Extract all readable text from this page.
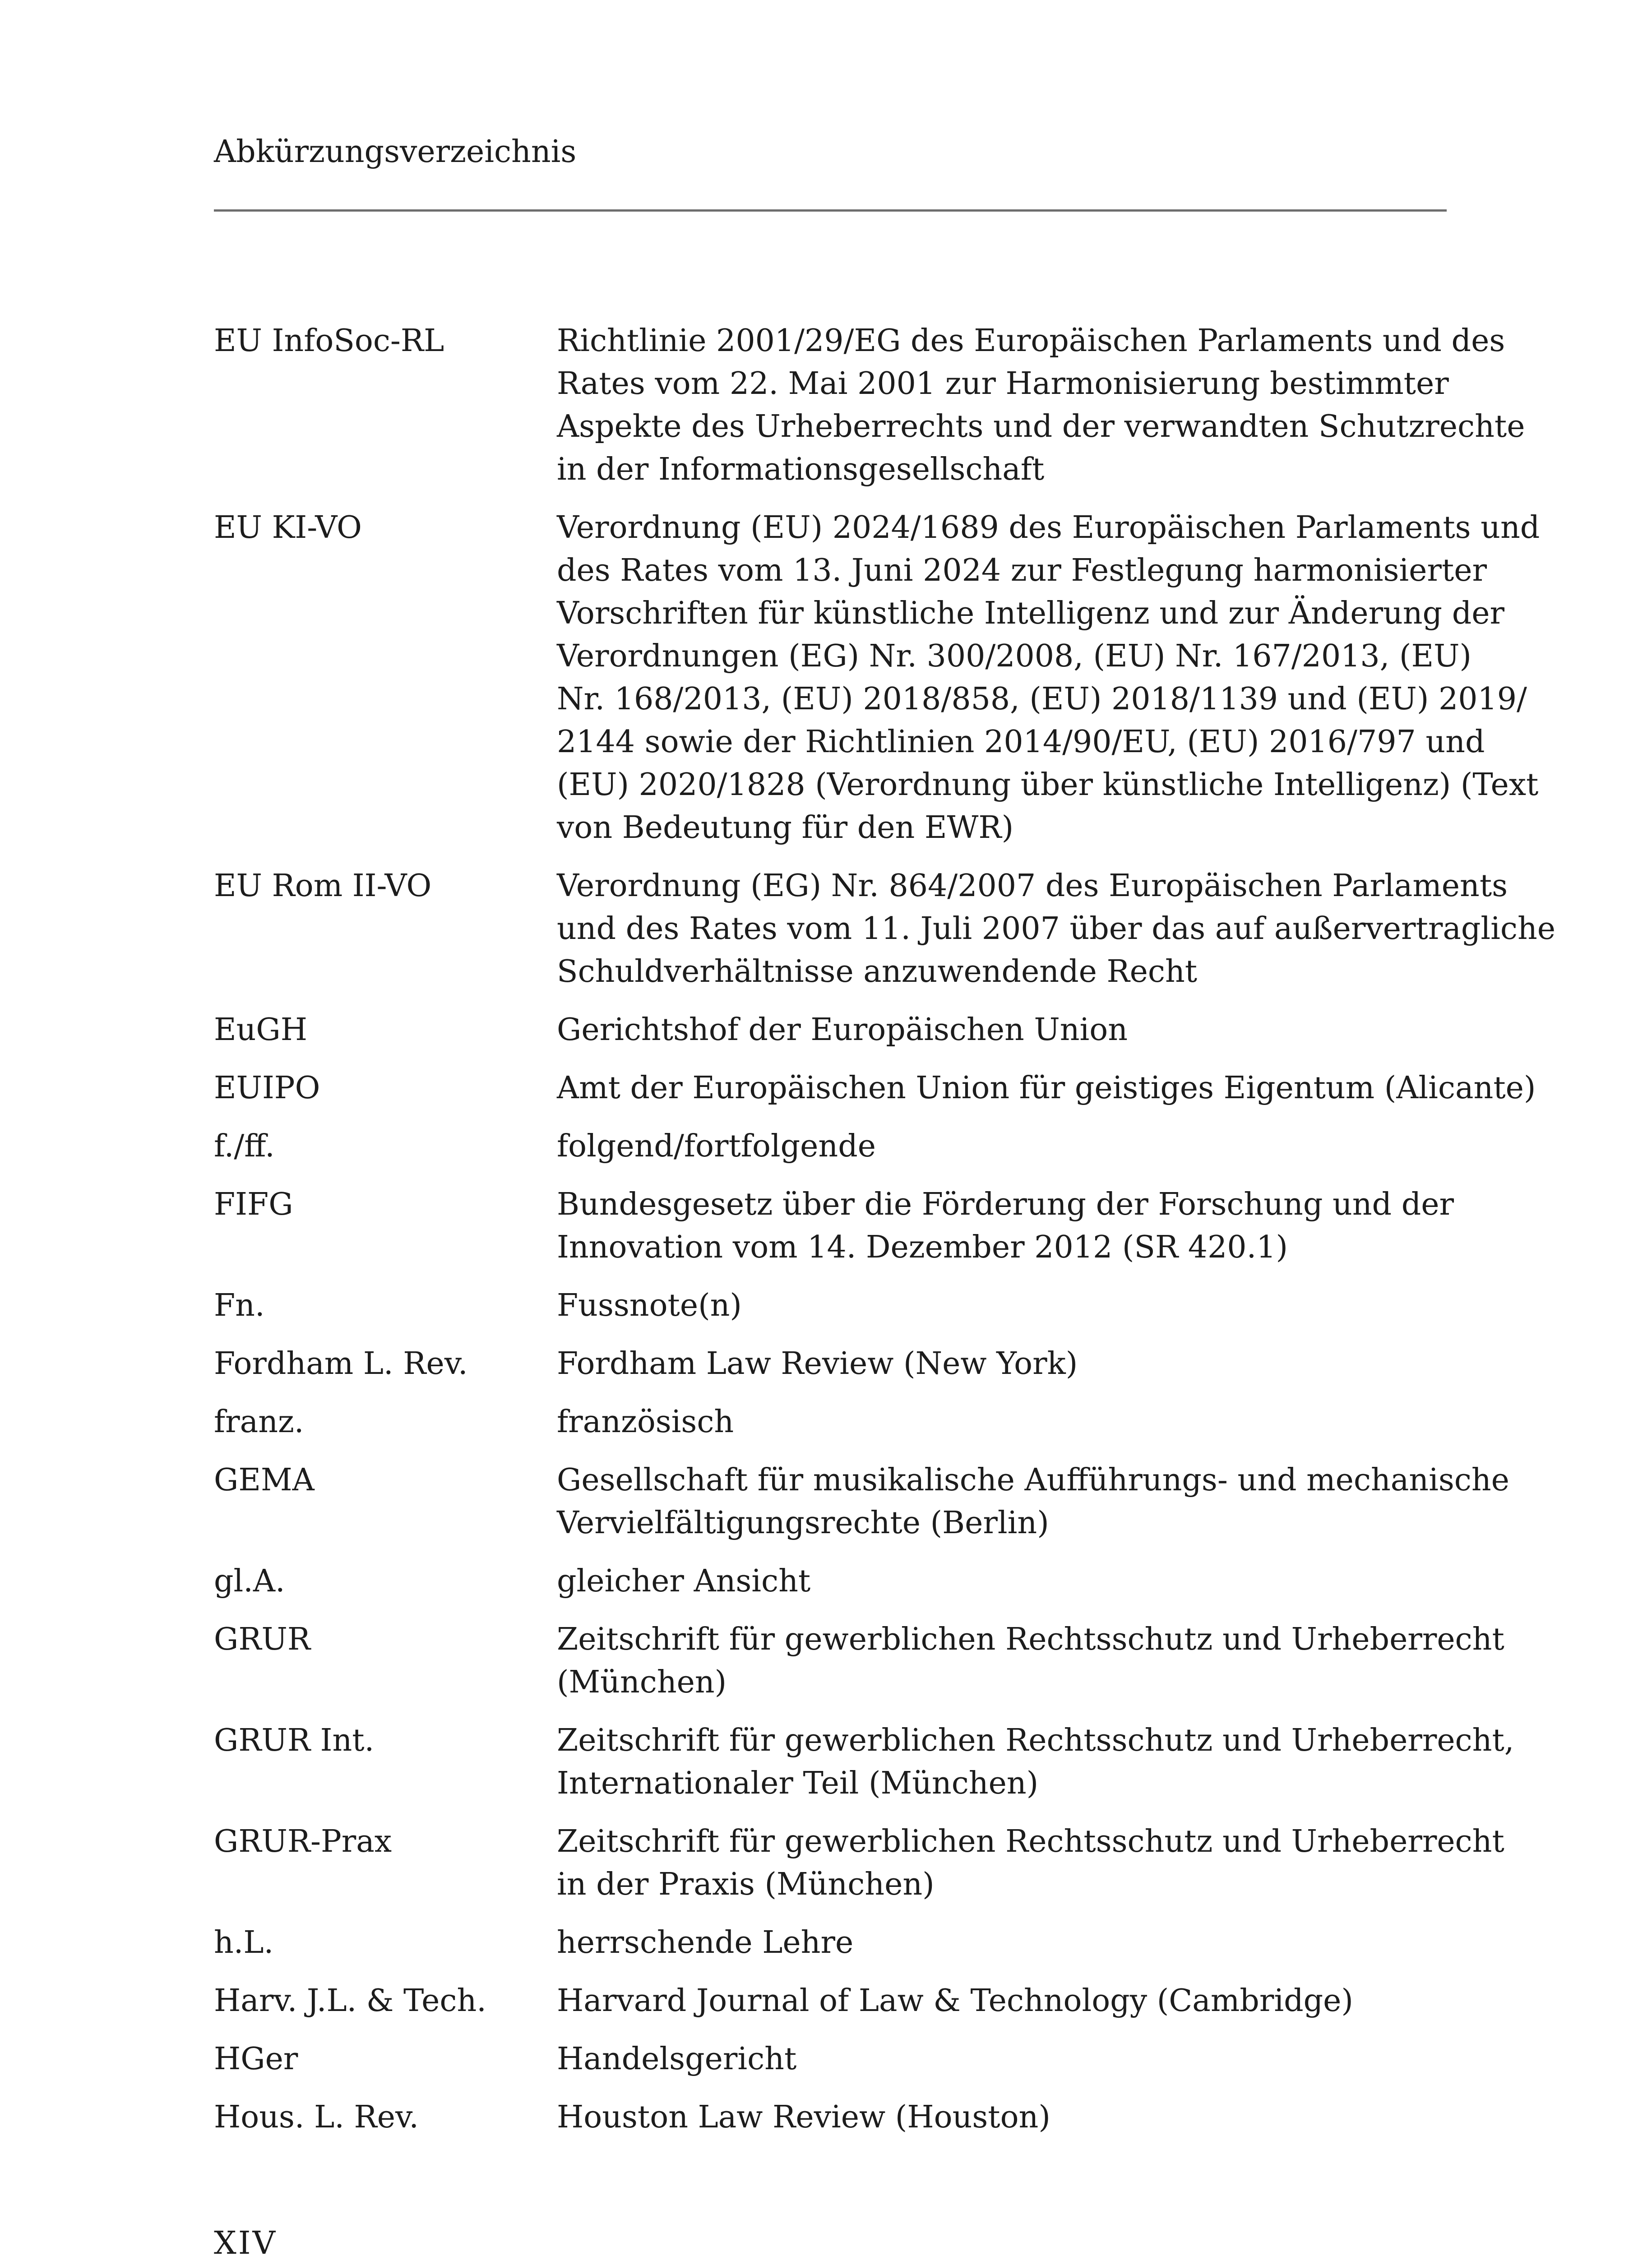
Abkürzungsverzeichnis
EU InfoSoc-RL	Richtlinie 2001/29/EG des Europäischen Parlaments und des
Rates vom 22. Mai 2001 zur Harmonisierung bestimmter
Aspekte des Urheberrechts und der verwandten Schutzrechte
in der Informationsgesellschaft
EU KI-VO	Verordnung (EU) 2024/1689 des Europäischen Parlaments und
des Rates vom 13. Juni 2024 zur Festlegung harmonisierter
Vorschriften für künstliche Intelligenz und zur Änderung der
Verordnungen (EG) Nr. 300/2008, (EU) Nr. 167/2013, (EU)
Nr. 168/2013, (EU) 2018/858, (EU) 2018/1139 und (EU) 2019/
2144 sowie der Richtlinien 2014/90/EU, (EU) 2016/797 und
(EU) 2020/1828 (Verordnung über künstliche Intelligenz) (Text
von Bedeutung für den EWR)
EU Rom II-VO	Verordnung (EG) Nr. 864/2007 des Europäischen Parlaments
und des Rates vom 11. Juli 2007 über das auf außervertragliche
Schuldverhältnisse anzuwendende Recht
EuGH	Gerichtshof der Europäischen Union
EUIPO	Amt der Europäischen Union für geistiges Eigentum (Alicante)
f./ff.	folgend/fortfolgende
FIFG	Bundesgesetz über die Förderung der Forschung und der
Innovation vom 14. Dezember 2012 (SR 420.1)
Fn.	Fussnote(n)
Fordham L. Rev.	Fordham Law Review (New York)
franz.	französisch
GEMA	Gesellschaft für musikalische Aufführungs- und mechanische
Vervielfältigungsrechte (Berlin)
gl.A.	gleicher Ansicht
GRUR	Zeitschrift für gewerblichen Rechtsschutz und Urheberrecht
(München)
GRUR Int.	Zeitschrift für gewerblichen Rechtsschutz und Urheberrecht,
Internationaler Teil (München)
GRUR-Prax	Zeitschrift für gewerblichen Rechtsschutz und Urheberrecht
in der Praxis (München)
h.L.	herrschende Lehre
Harv. J.L. & Tech.	Harvard Journal of Law & Technology (Cambridge)
HGer	Handelsgericht
Hous. L. Rev.	Houston Law Review (Houston)
XIV
